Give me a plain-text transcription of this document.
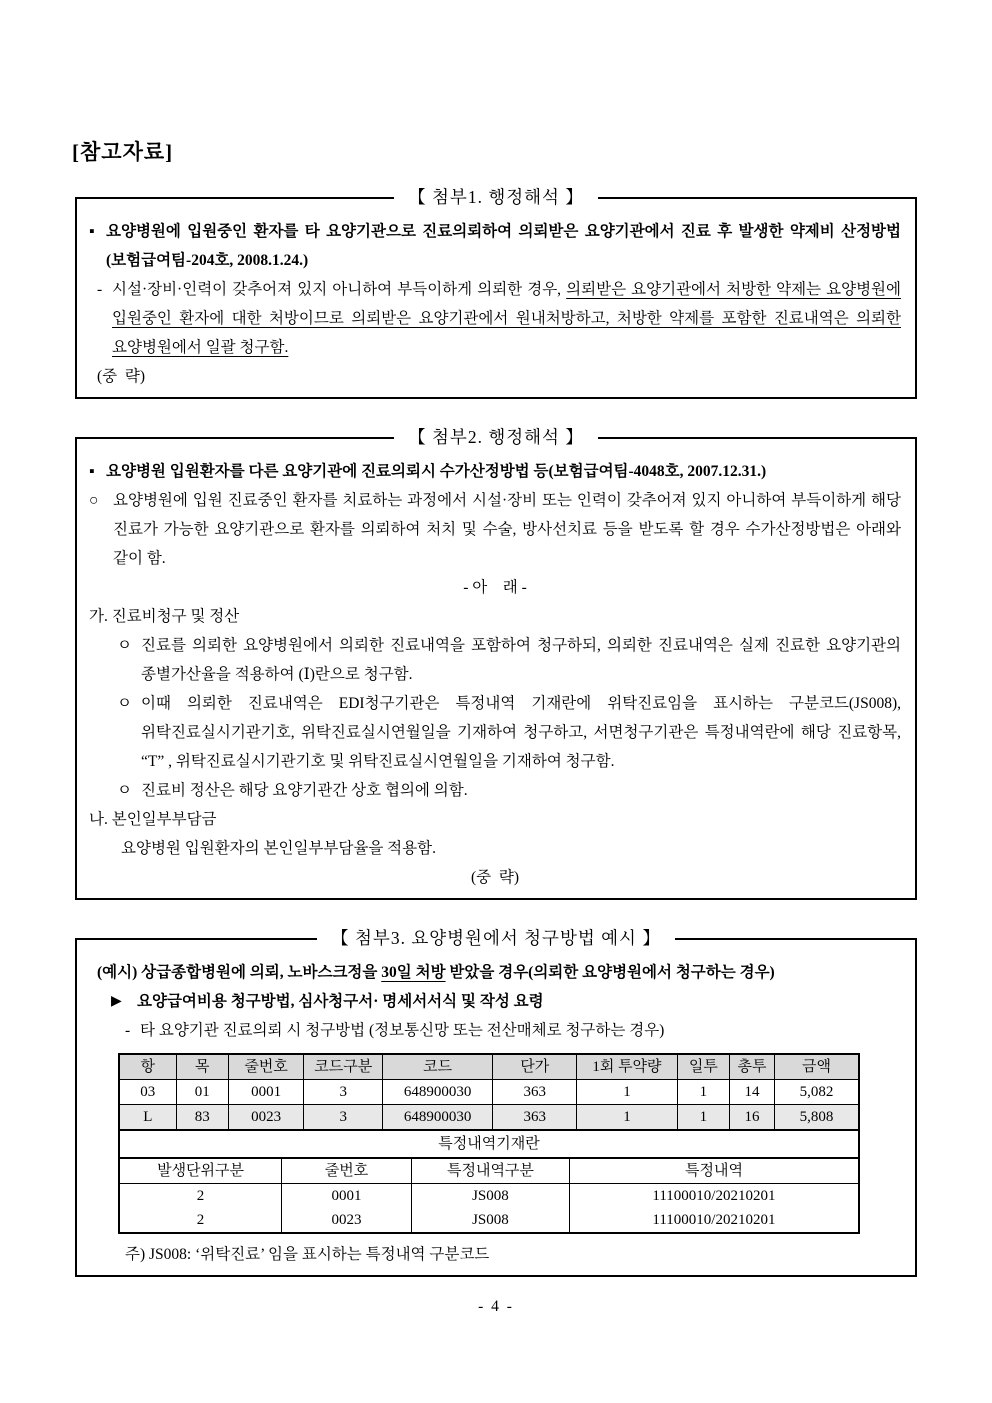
[참고자료]
【 첨부1. 행정해석 】
▪ 요양병원에 입원중인 환자를 타 요양기관으로 진료의뢰하여 의뢰받은 요양기관에서 진료 후 발생한 약제비 산정방법(보험급여팀-204호, 2008.1.24.)
- 시설·장비·인력이 갖추어져 있지 아니하여 부득이하게 의뢰한 경우, 의뢰받은 요양기관에서 처방한 약제는 요양병원에 입원중인 환자에 대한 처방이므로 의뢰받은 요양기관에서 원내처방하고, 처방한 약제를 포함한 진료내역은 의뢰한 요양병원에서 일괄 청구함.
(중  략)
【 첨부2. 행정해석 】
▪ 요양병원 입원환자를 다른 요양기관에 진료의뢰시 수가산정방법 등(보험급여팀-4048호, 2007.12.31.)
○ 요양병원에 입원 진료중인 환자를 치료하는 과정에서 시설·장비 또는 인력이 갖추어져 있지 아니하여 부득이하게 해당 진료가 가능한 요양기관으로 환자를 의뢰하여 처치 및 수술, 방사선치료 등을 받도록 할 경우 수가산정방법은 아래와 같이 함.
- 아    래 -
가. 진료비청구 및 정산
ㅇ 진료를 의뢰한 요양병원에서 의뢰한 진료내역을 포함하여 청구하되, 의뢰한 진료내역은 실제 진료한 요양기관의 종별가산율을 적용하여 (Ⅰ)란으로 청구함.
ㅇ 이때 의뢰한 진료내역은 EDI청구기관은 특정내역 기재란에 위탁진료임을 표시하는 구분코드(JS008), 위탁진료실시기관기호, 위탁진료실시연월일을 기재하여 청구하고, 서면청구기관은 특정내역란에 해당 진료항목, “T” , 위탁진료실시기관기호 및 위탁진료실시연월일을 기재하여 청구함.
ㅇ 진료비 정산은 해당 요양기관간 상호 협의에 의함.
나. 본인일부부담금
요양병원 입원환자의 본인일부부담율을 적용함.
(중  략)
【 첨부3. 요양병원에서 청구방법 예시 】
(예시) 상급종합병원에 의뢰, 노바스크정을 30일 처방 받았을 경우(의뢰한 요양병원에서 청구하는 경우)
▶ 요양급여비용 청구방법, 심사청구서· 명세서서식 및 작성 요령
- 타 요양기관 진료의뢰 시 청구방법 (정보통신망 또는 전산매체로 청구하는 경우)
항	목	줄번호	코드구분	코드	단가	1회 투약량	일투	총투	금액
03	01	0001	3	648900030	363	1	1	14	5,082
L	83	0023	3	648900030	363	1	1	16	5,808
특정내역기재란
발생단위구분	줄번호	특정내역구분	특정내역
2	0001	JS008	11100010/20210201
2	0023	JS008	11100010/20210201
주) JS008: ‘위탁진료’ 임을 표시하는 특정내역 구분코드
- 4 -
